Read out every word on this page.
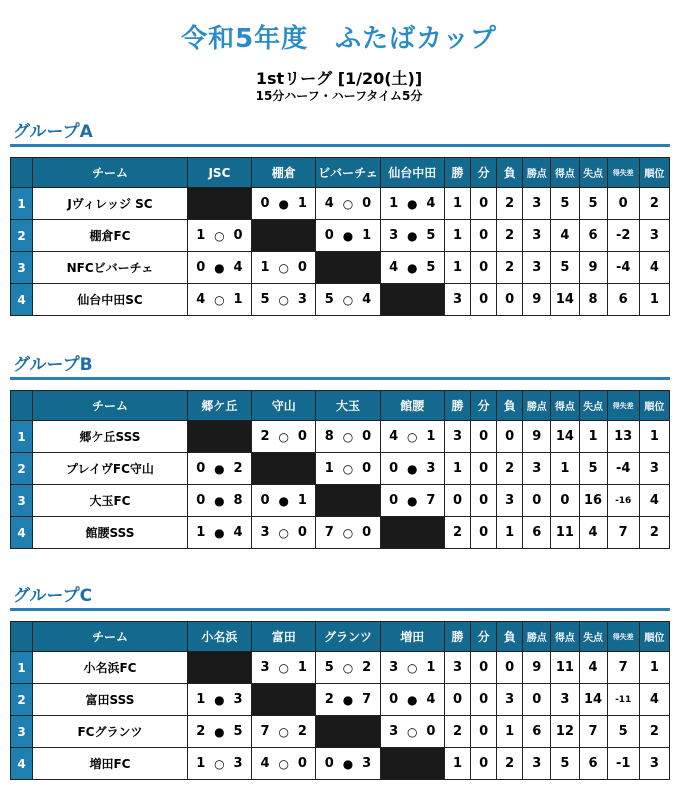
令和5年度　ふたばカップ
1stリーグ [1/20(土)]
15分ハーフ・ハーフタイム5分
グループA
	チーム	JSC	棚倉	ビバーチェ	仙台中田	勝	分	負	勝点	得点	失点	得失差	順位
1	Jヴィレッジ SC		0 ● 1	4 ○ 0	1 ● 4	1	0	2	3	5	5	0	2
2	棚倉FC	1 ○ 0		0 ● 1	3 ● 5	1	0	2	3	4	6	-2	3
3	NFCビバーチェ	0 ● 4	1 ○ 0		4 ● 5	1	0	2	3	5	9	-4	4
4	仙台中田SC	4 ○ 1	5 ○ 3	5 ○ 4		3	0	0	9	14	8	6	1
グループB
	チーム	郷ケ丘	守山	大玉	館腰	勝	分	負	勝点	得点	失点	得失差	順位
1	郷ケ丘SSS		2 ○ 0	8 ○ 0	4 ○ 1	3	0	0	9	14	1	13	1
2	プレイヴFC守山	0 ● 2		1 ○ 0	0 ● 3	1	0	2	3	1	5	-4	3
3	大玉FC	0 ● 8	0 ● 1		0 ● 7	0	0	3	0	0	16	-16	4
4	館腰SSS	1 ● 4	3 ○ 0	7 ○ 0		2	0	1	6	11	4	7	2
グループC
	チーム	小名浜	富田	グランツ	増田	勝	分	負	勝点	得点	失点	得失差	順位
1	小名浜FC		3 ○ 1	5 ○ 2	3 ○ 1	3	0	0	9	11	4	7	1
2	富田SSS	1 ● 3		2 ● 7	0 ● 4	0	0	3	0	3	14	-11	4
3	FCグランツ	2 ● 5	7 ○ 2		3 ○ 0	2	0	1	6	12	7	5	2
4	増田FC	1 ○ 3	4 ○ 0	0 ● 3		1	0	2	3	5	6	-1	3
